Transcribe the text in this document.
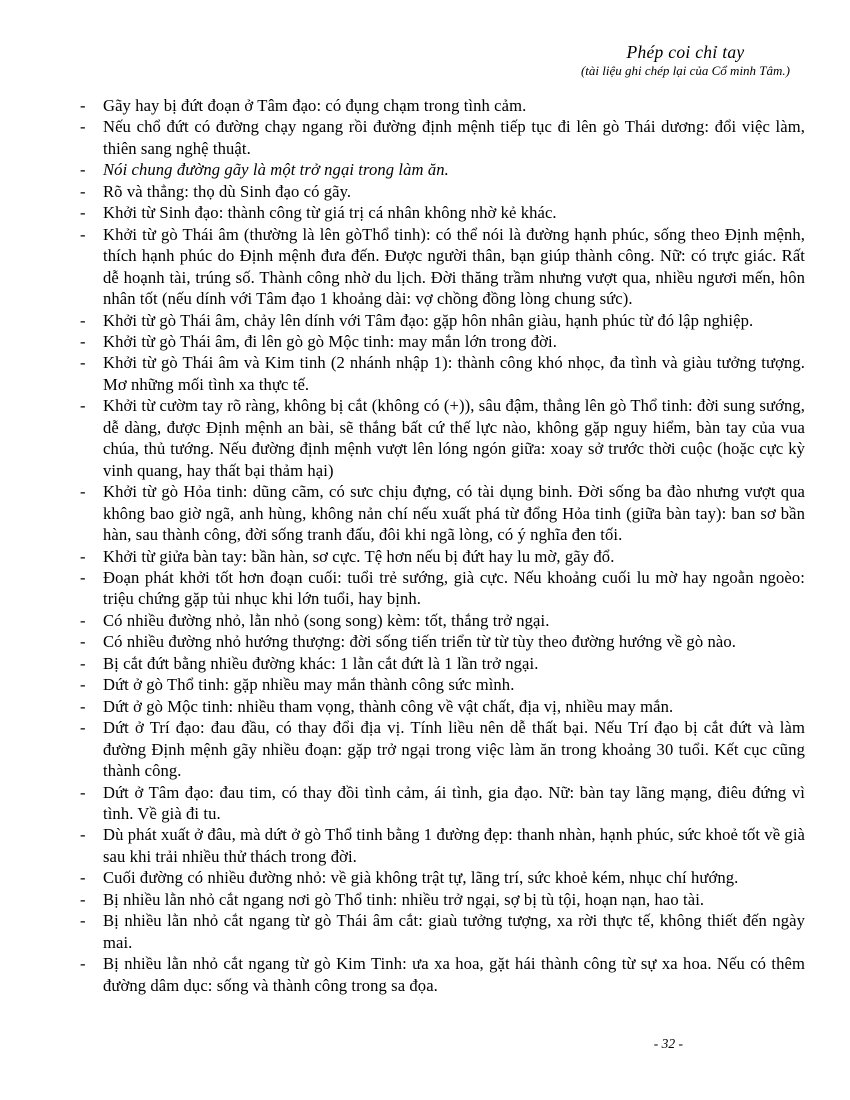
Phép coi chỉ tay
(tài liệu ghi chép lại của Cổ minh Tâm.)
- Gãy hay bị đứt đoạn ở Tâm đạo: có đụng chạm trong tình cảm.
- Nếu chổ đứt có đường chạy ngang rồi đường định mệnh tiếp tục đi lên gò Thái dương: đổi việc làm, thiên sang nghệ thuật.
- Nói chung đường gãy là một trở ngại trong làm ăn.
- Rõ và thẳng: thọ dù Sinh đạo có gãy.
- Khởi từ Sinh đạo: thành công từ giá trị cá nhân không nhờ kẻ khác.
- Khởi từ gò Thái âm (thường là lên gòThổ tinh): có thể nói là đường hạnh phúc, sống theo Định mệnh, thích hạnh phúc do Định mệnh đưa đến. Được người thân, bạn giúp thành công. Nữ: có trực giác. Rất dễ hoạnh tài, trúng số. Thành công nhờ du lịch. Đời thăng trầm nhưng vượt qua, nhiều ngươi mến, hôn nhân tốt (nếu dính với Tâm đạo 1 khoảng dài: vợ chồng đồng lòng chung sức).
- Khởi từ gò Thái âm, chảy lên dính với Tâm đạo: gặp hôn nhân giàu, hạnh phúc từ đó lập nghiệp.
- Khởi từ gò Thái âm, đi lên gò gò Mộc tinh: may mắn lớn trong đời.
- Khởi từ gò Thái âm và Kim tinh (2 nhánh nhập 1): thành công khó nhọc, đa tình và giàu tưởng tượng. Mơ những mối tình xa thực tế.
- Khởi từ cườm tay rõ ràng, không bị cắt (không có (+)), sâu đậm, thẳng lên gò Thổ tinh: đời sung sướng, dễ dàng, được Định mệnh an bài, sẽ thắng bất cứ thế lực nào, không gặp nguy hiểm, bàn tay của vua chúa, thủ tướng. Nếu đường định mệnh vượt lên lóng ngón giữa: xoay sở trước thời cuộc (hoặc cực kỳ vinh quang, hay thất bại thảm hại)
- Khởi từ gò Hỏa tinh: dũng cãm, có sưc chịu đựng, có tài dụng binh. Đời sống ba đào nhưng vượt qua không bao giờ ngã, anh hùng, không nản chí nếu xuất phá từ đổng Hỏa tinh (giữa bàn tay): ban sơ bần hàn, sau thành công, đời sống tranh đấu, đôi khi ngã lòng, có ý nghĩa đen tối.
- Khởi từ giửa bàn tay: bần hàn, sơ cực. Tệ hơn nếu bị đứt hay lu mờ, gãy đổ.
- Đoạn phát khởi tốt hơn đoạn cuối: tuổi trẻ sướng, già cực. Nếu khoảng cuối lu mờ hay ngoằn ngoèo: triệu chứng gặp tủi nhục khi lớn tuổi, hay bịnh.
- Có nhiều đường nhỏ, lằn nhỏ (song song) kèm: tốt, thắng trở ngại.
- Có nhiều đường nhỏ hướng thượng: đời sống tiến triển từ từ tùy theo đường hướng về gò nào.
- Bị cắt đứt bằng nhiều đường khác: 1 lằn cắt đứt là 1 lần trở ngại.
- Dứt ở gò Thổ tinh: gặp nhiều may mắn thành công sức mình.
- Dứt ở gò Mộc tinh: nhiều tham vọng, thành công về vật chất, địa vị, nhiều may mắn.
- Dứt ở Trí đạo: đau đầu, có thay đổi địa vị. Tính liều nên dễ thất bại. Nếu Trí đạo bị cắt đứt và làm đường Định mệnh gãy nhiều đoạn: gặp trở ngại trong việc làm ăn trong khoảng 30 tuổi. Kết cục cũng thành công.
- Dứt ở Tâm đạo: đau tim, có thay đồi tình cảm, ái tình, gia đạo. Nữ: bàn tay lãng mạng, điêu đứng vì tình. Về già đi tu.
- Dù phát xuất ở đâu, mà dứt ở gò Thổ tinh bằng 1 đường đẹp: thanh nhàn, hạnh phúc, sức khoẻ tốt về già sau khi trải nhiều thử thách trong đời.
- Cuối đường có nhiều đường nhỏ: về già không trật tự, lãng trí, sức khoẻ kém, nhục chí hướng.
- Bị nhiều lằn nhỏ cắt ngang nơi gò Thổ tinh: nhiều trở ngại, sợ bị tù tội, hoạn nạn, hao tài.
- Bị nhiều lằn nhỏ cắt ngang từ gò Thái âm cắt: giaù tưởng tượng, xa rời thực tế, không thiết đến ngày mai.
- Bị nhiều lằn nhỏ cắt ngang từ gò Kim Tinh: ưa xa hoa, gặt hái thành công từ sự xa hoa. Nếu có thêm đường dâm dục: sống và thành công trong sa đọa.
- 32 -
